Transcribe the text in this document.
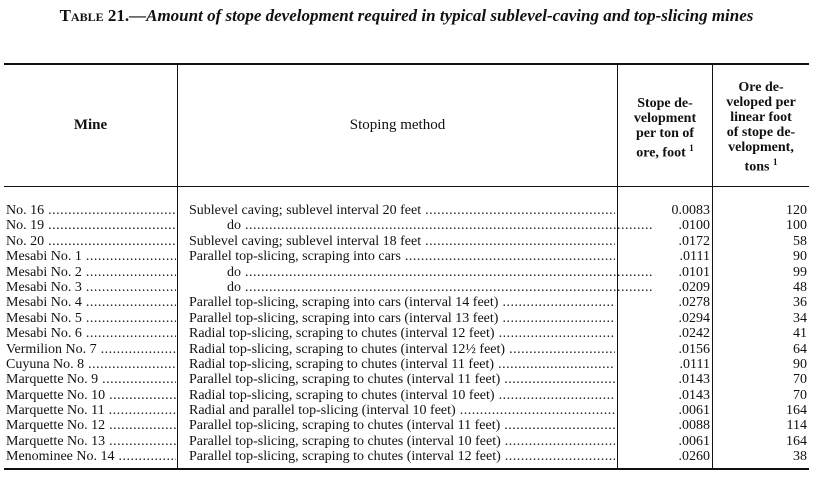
Table 21.—Amount of stope development required in typical sublevel-caving and top-slicing mines
Mine	Stoping method
Stope de-
velopment
per ton of
ore, foot $^1$
Ore de-
veloped per
linear foot
of stope de-
velopment,
tons $^1$
No. 16 .....	Sublevel caving; sublevel interval 20 feet .....	0.0083	120
No. 19 .....	do .....	.0100	100
No. 20 .....	Sublevel caving; sublevel interval 18 feet .....	.0172	58
Mesabi No. 1 .....	Parallel top-slicing, scraping into cars .....	.0111	90
Mesabi No. 2 .....	do .....	.0101	99
Mesabi No. 3 .....	do .....	.0209	48
Mesabi No. 4 .....	Parallel top-slicing, scraping into cars (interval 14 feet) .....	.0278	36
Mesabi No. 5 .....	Parallel top-slicing, scraping into cars (interval 13 feet) .....	.0294	34
Mesabi No. 6 .....	Radial top-slicing, scraping to chutes (interval 12 feet) .....	.0242	41
Vermilion No. 7 .....	Radial top-slicing, scraping to chutes (interval 12½ feet) .....	.0156	64
Cuyuna No. 8 .....	Radial top-slicing, scraping to chutes (interval 11 feet) .....	.0111	90
Marquette No. 9 .....	Parallel top-slicing, scraping to chutes (interval 11 feet) .....	.0143	70
Marquette No. 10 .....	Radial top-slicing, scraping to chutes (interval 10 feet) .....	.0143	70
Marquette No. 11 .....	Radial and parallel top-slicing (interval 10 feet) .....	.0061	164
Marquette No. 12 .....	Parallel top-slicing, scraping to chutes (interval 11 feet) .....	.0088	114
Marquette No. 13 .....	Parallel top-slicing, scraping to chutes (interval 10 feet) .....	.0061	164
Menominee No. 14 .....	Parallel top-slicing, scraping to chutes (interval 12 feet) .....	.0260	38
